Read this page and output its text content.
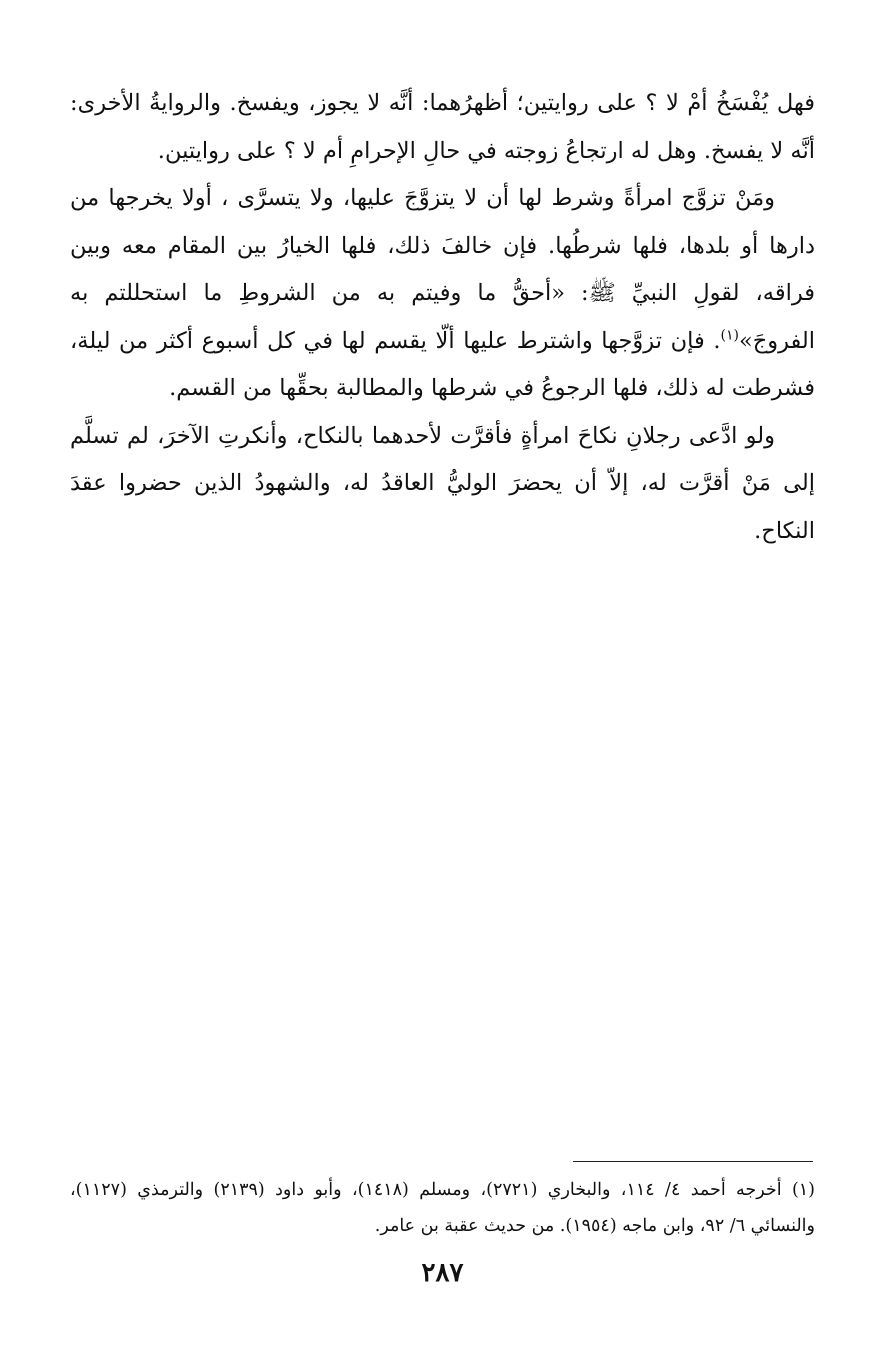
فهل يُفْسَخُ أمْ لا ؟ على روايتين؛ أظهرُهما: أنَّه لا يجوز، ويفسخ. والروايةُ الأخرى: أنَّه لا يفسخ. وهل له ارتجاعُ زوجته في حالِ الإحرامِ أم لا ؟ على روايتين.

ومَنْ تزوَّج امرأةً وشرط لها أن لا يتزوَّجَ عليها، ولا يتسرَّى ، أولا يخرجها من دارها أو بلدها، فلها شرطُها. فإن خالفَ ذلك، فلها الخيارُ بين المقام معه وبين فراقه، لقولِ النبيِّ ﷺ: «أحقُّ ما وفيتم به من الشروطِ ما استحللتم به الفروجَ»$^{(١)}$. فإن تزوَّجها واشترط عليها ألّا يقسم لها في كل أسبوع أكثر من ليلة، فشرطت له ذلك، فلها الرجوعُ في شرطها والمطالبة بحقِّها من القسم.

ولو ادَّعى رجلانِ نكاحَ امرأةٍ فأقرَّت لأحدهما بالنكاح، وأنكرتِ الآخرَ، لم تسلَّم إلى مَنْ أقرَّت له، إلاّ أن يحضرَ الوليُّ العاقدُ له، والشهودُ الذين حضروا عقدَ النكاح.

(١) أخرجه أحمد ٤/ ١١٤، والبخاري (٢٧٢١)، ومسلم (١٤١٨)، وأبو داود (٢١٣٩) والترمذي (١١٢٧)، والنسائي ٦/ ٩٢، وابن ماجه (١٩٥٤). من حديث عقبة بن عامر.

٢٨٧
